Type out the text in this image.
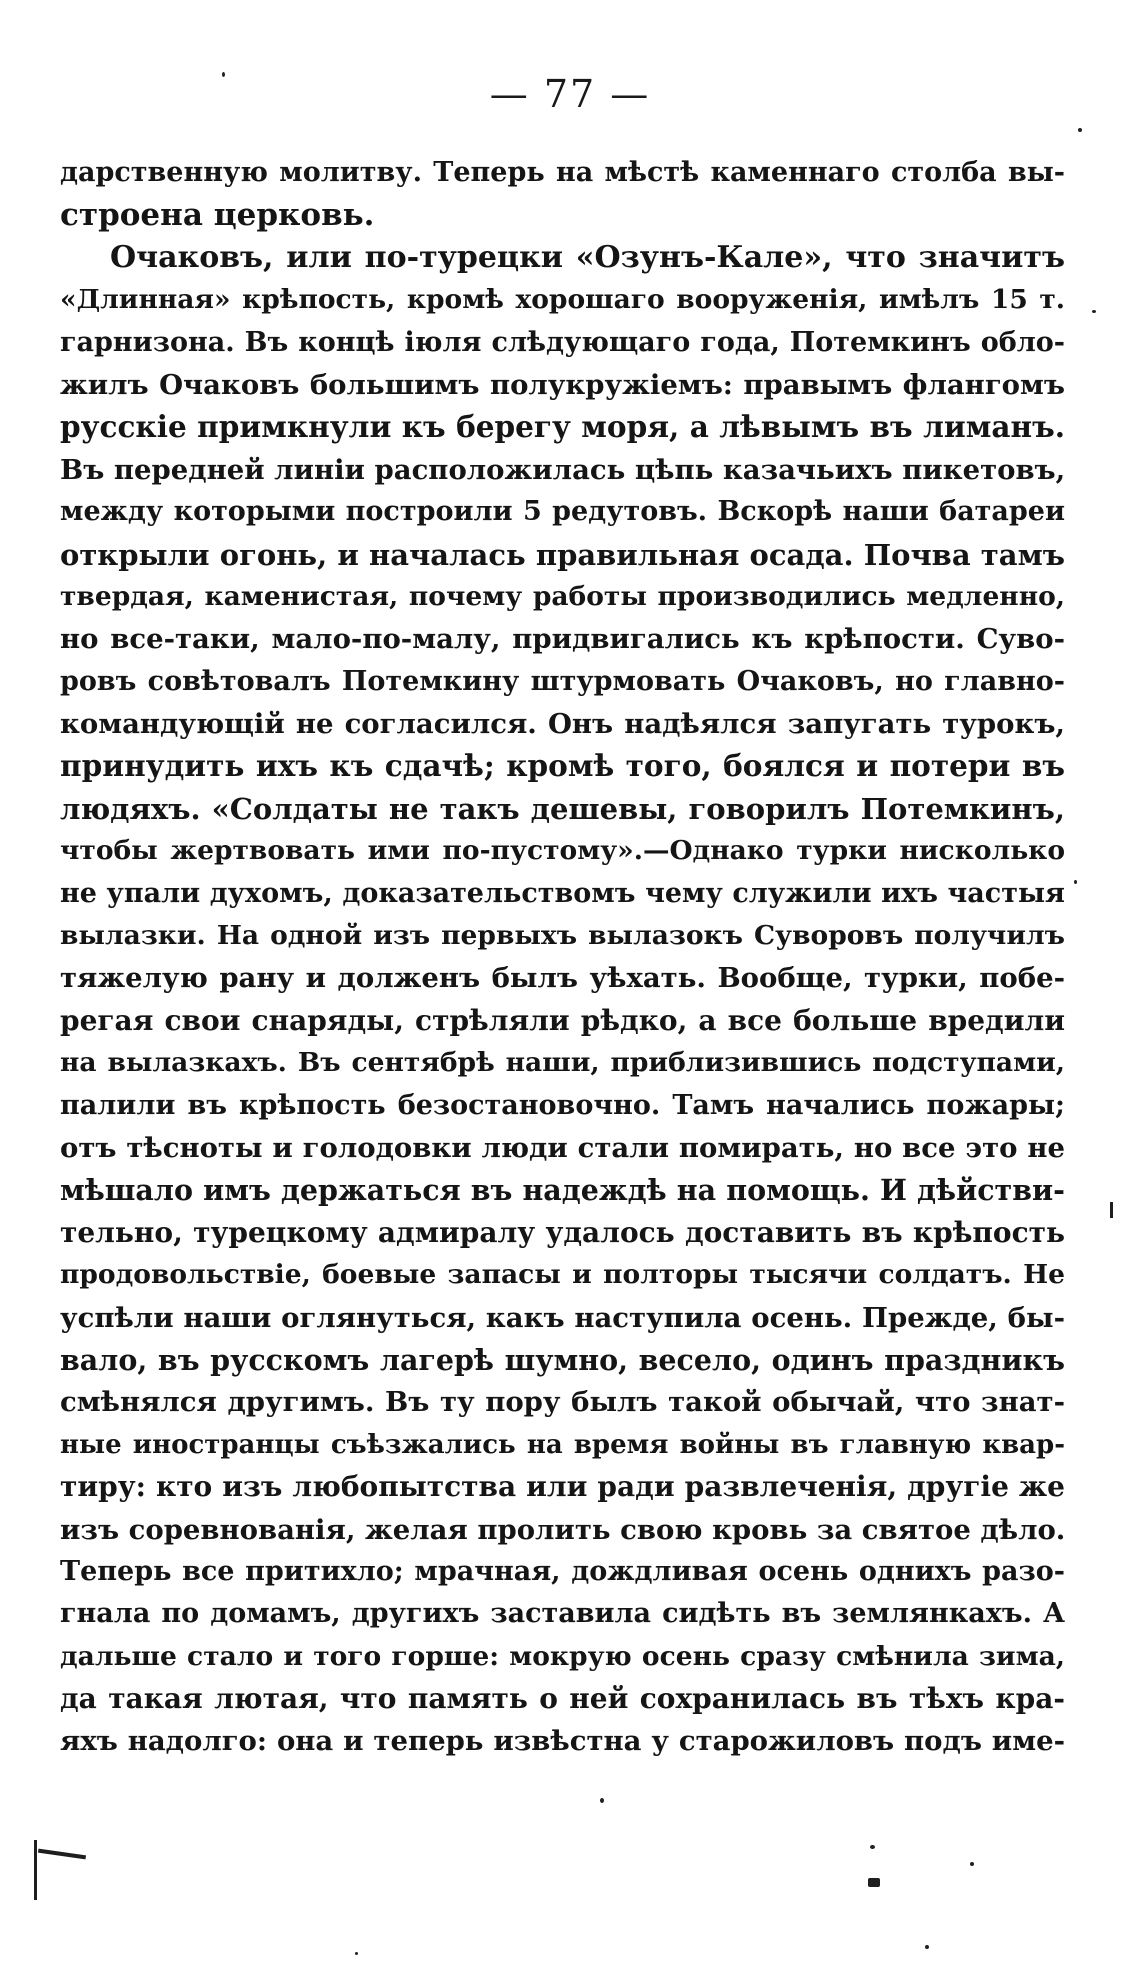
— 77 —
дарственную молитву. Теперь на мѣстѣ каменнаго столба вы-
строена церковь.
Очаковъ, или по-турецки «Озунъ-Кале», что значитъ
«Длинная» крѣпость, кромѣ хорошаго вооруженія, имѣлъ 15 т.
гарнизона. Въ концѣ іюля слѣдующаго года, Потемкинъ обло-
жилъ Очаковъ большимъ полукружіемъ: правымъ флангомъ
русскіе примкнули къ берегу моря, а лѣвымъ въ лиманъ.
Въ передней линіи расположилась цѣпь казачьихъ пикетовъ,
между которыми построили 5 редутовъ. Вскорѣ наши батареи
открыли огонь, и началась правильная осада. Почва тамъ
твердая, каменистая, почему работы производились медленно,
но все-таки, мало-по-малу, придвигались къ крѣпости. Суво-
ровъ совѣтовалъ Потемкину штурмовать Очаковъ, но главно-
командующій не согласился. Онъ надѣялся запугать турокъ,
принудить ихъ къ сдачѣ; кромѣ того, боялся и потери въ
людяхъ. «Солдаты не такъ дешевы, говорилъ Потемкинъ,
чтобы жертвовать ими по-пустому».—Однако турки нисколько
не упали духомъ, доказательствомъ чему служили ихъ частыя
вылазки. На одной изъ первыхъ вылазокъ Суворовъ получилъ
тяжелую рану и долженъ былъ уѣхать. Вообще, турки, побе-
регая свои снаряды, стрѣляли рѣдко, а все больше вредили
на вылазкахъ. Въ сентябрѣ наши, приблизившись подступами,
палили въ крѣпость безостановочно. Тамъ начались пожары;
отъ тѣсноты и голодовки люди стали помирать, но все это не
мѣшало имъ держаться въ надеждѣ на помощь. И дѣйстви-
тельно, турецкому адмиралу удалось доставить въ крѣпость
продовольствіе, боевые запасы и полторы тысячи солдатъ. Не
успѣли наши оглянуться, какъ наступила осень. Прежде, бы-
вало, въ русскомъ лагерѣ шумно, весело, одинъ праздникъ
смѣнялся другимъ. Въ ту пору былъ такой обычай, что знат-
ные иностранцы съѣзжались на время войны въ главную квар-
тиру: кто изъ любопытства или ради развлеченія, другіе же
изъ соревнованія, желая пролить свою кровь за святое дѣло.
Теперь все притихло; мрачная, дождливая осень однихъ разо-
гнала по домамъ, другихъ заставила сидѣть въ землянкахъ. А
дальше стало и того горше: мокрую осень сразу смѣнила зима,
да такая лютая, что память о ней сохранилась въ тѣхъ кра-
яхъ надолго: она и теперь извѣстна у старожиловъ подъ име-
